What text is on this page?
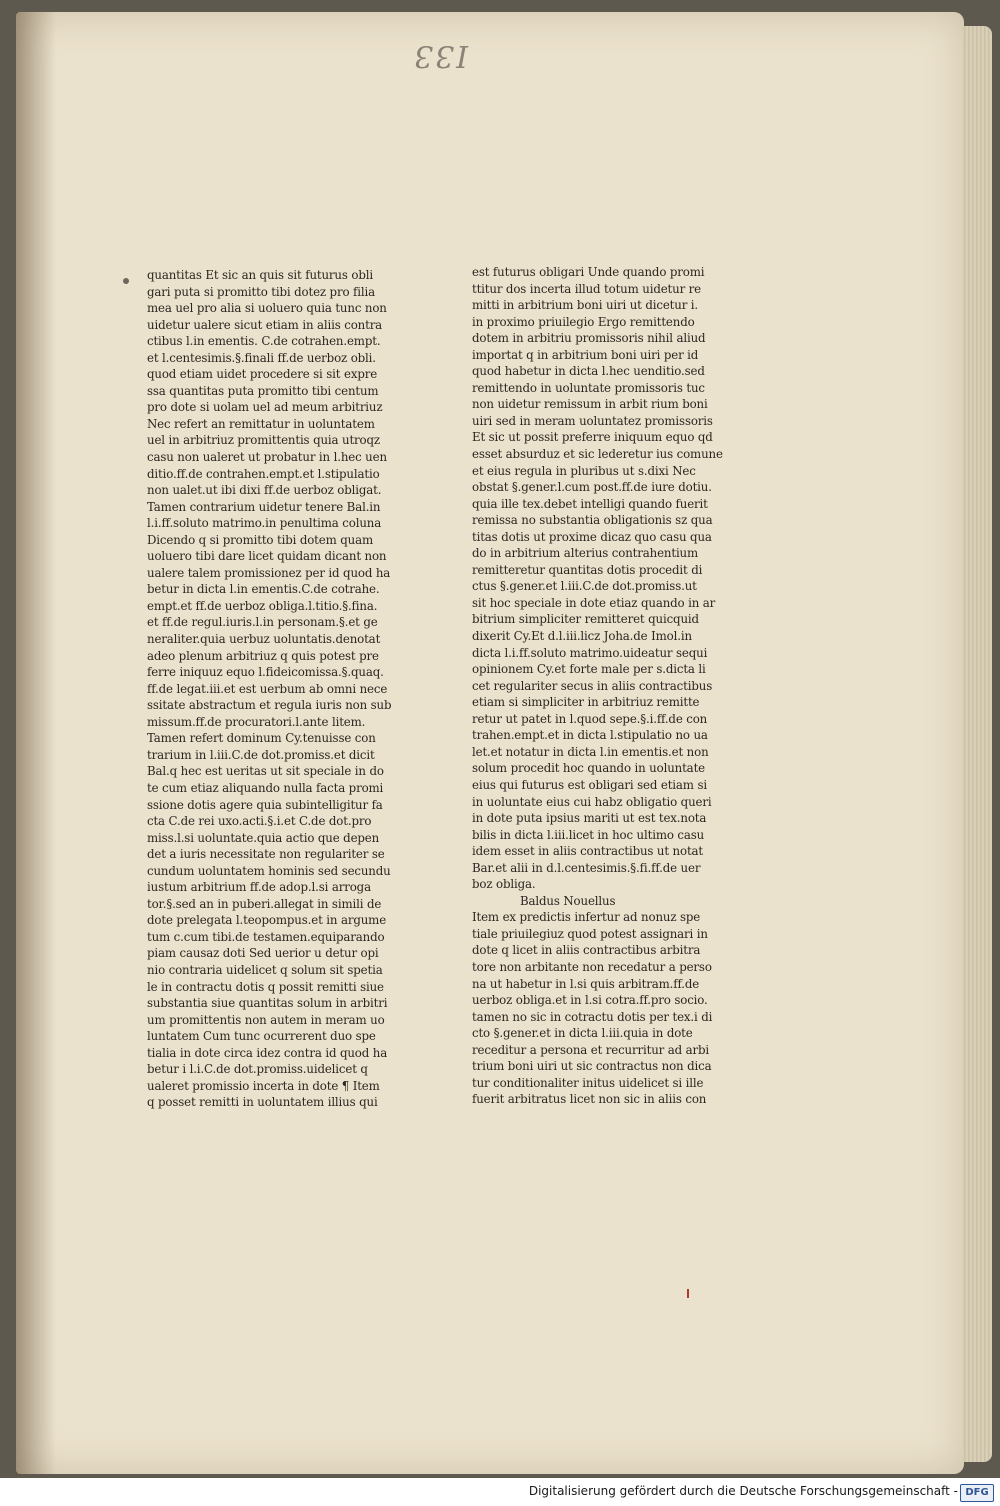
I33
quantitas Et sic an quis sit futurus obli
gari puta si promitto tibi dotez pro filia
mea uel pro alia si uoluero quia tunc non
uidetur ualere sicut etiam in aliis contra
ctibus l.in ementis. C.de cotrahen.empt.
et l.centesimis.§.finali ff.de uerboz obli.
quod etiam uidet procedere si sit expre
ssa quantitas puta promitto tibi centum
pro dote si uolam uel ad meum arbitriuz
Nec refert an remittatur in uoluntatem
uel in arbitriuz promittentis quia utroqz
casu non ualeret ut probatur in l.hec uen
ditio.ff.de contrahen.empt.et l.stipulatio
non ualet.ut ibi dixi ff.de uerboz obligat.
Tamen contrarium uidetur tenere Bal.in
l.i.ff.soluto matrimo.in penultima coluna
Dicendo q si promitto tibi dotem quam
uoluero tibi dare licet quidam dicant non
ualere talem promissionez per id quod ha
betur in dicta l.in ementis.C.de cotrahe.
empt.et ff.de uerboz obliga.l.titio.§.fina.
et ff.de regul.iuris.l.in personam.§.et ge
neraliter.quia uerbuz uoluntatis.denotat
adeo plenum arbitriuz q quis potest pre
ferre iniquuz equo l.fideicomissa.§.quaq.
ff.de legat.iii.et est uerbum ab omni nece
ssitate abstractum et regula iuris non sub
missum.ff.de procuratori.l.ante litem.
Tamen refert dominum Cy.tenuisse con
trarium in l.iii.C.de dot.promiss.et dicit
Bal.q hec est ueritas ut sit speciale in do
te cum etiaz aliquando nulla facta promi
ssione dotis agere quia subintelligitur fa
cta C.de rei uxo.acti.§.i.et C.de dot.pro
miss.l.si uoluntate.quia actio que depen
det a iuris necessitate non regulariter se
cundum uoluntatem hominis sed secundu
iustum arbitrium ff.de adop.l.si arroga
tor.§.sed an in puberi.allegat in simili de
dote prelegata l.teopompus.et in argume
tum c.cum tibi.de testamen.equiparando
piam causaz doti Sed uerior u detur opi
nio contraria uidelicet q solum sit spetia
le in contractu dotis q possit remitti siue
substantia siue quantitas solum in arbitri
um promittentis non autem in meram uo
luntatem Cum tunc ocurrerent duo spe
tialia in dote circa idez contra id quod ha
betur i l.i.C.de dot.promiss.uidelicet q
ualeret promissio incerta in dote ¶ Item
q posset remitti in uoluntatem illius qui
est futurus obligari Unde quando promi
ttitur dos incerta illud totum uidetur re
mitti in arbitrium boni uiri ut dicetur i.
in proximo priuilegio Ergo remittendo
dotem in arbitriu promissoris nihil aliud
importat q in arbitrium boni uiri per id
quod habetur in dicta l.hec uenditio.sed
remittendo in uoluntate promissoris tuc
non uidetur remissum in arbit rium boni
uiri sed in meram uoluntatez promissoris
Et sic ut possit preferre iniquum equo qd
esset absurduz et sic lederetur ius comune
et eius regula in pluribus ut s.dixi Nec
obstat §.gener.l.cum post.ff.de iure dotiu.
quia ille tex.debet intelligi quando fuerit
remissa no substantia obligationis sz qua
titas dotis ut proxime dicaz quo casu qua
do in arbitrium alterius contrahentium
remitteretur quantitas dotis procedit di
ctus §.gener.et l.iii.C.de dot.promiss.ut
sit hoc speciale in dote etiaz quando in ar
bitrium simpliciter remitteret quicquid
dixerit Cy.Et d.l.iii.licz Joha.de Imol.in
dicta l.i.ff.soluto matrimo.uideatur sequi
opinionem Cy.et forte male per s.dicta li
cet regulariter secus in aliis contractibus
etiam si simpliciter in arbitriuz remitte
retur ut patet in l.quod sepe.§.i.ff.de con
trahen.empt.et in dicta l.stipulatio no ua
let.et notatur in dicta l.in ementis.et non
solum procedit hoc quando in uoluntate
eius qui futurus est obligari sed etiam si
in uoluntate eius cui habz obligatio queri
in dote puta ipsius mariti ut est tex.nota
bilis in dicta l.iii.licet in hoc ultimo casu
idem esset in aliis contractibus ut notat
Bar.et alii in d.l.centesimis.§.fi.ff.de uer
boz obliga.
Baldus Nouellus
Item ex predictis infertur ad nonuz spe
tiale priuilegiuz quod potest assignari in
dote q licet in aliis contractibus arbitra
tore non arbitante non recedatur a perso
na ut habetur in l.si quis arbitram.ff.de
uerboz obliga.et in l.si cotra.ff.pro socio.
tamen no sic in cotractu dotis per tex.i di
cto §.gener.et in dicta l.iii.quia in dote
receditur a persona et recurritur ad arbi
trium boni uiri ut sic contractus non dica
tur conditionaliter initus uidelicet si ille
fuerit arbitratus licet non sic in aliis con
Digitalisierung gefördert durch die Deutsche Forschungsgemeinschaft - DFG
